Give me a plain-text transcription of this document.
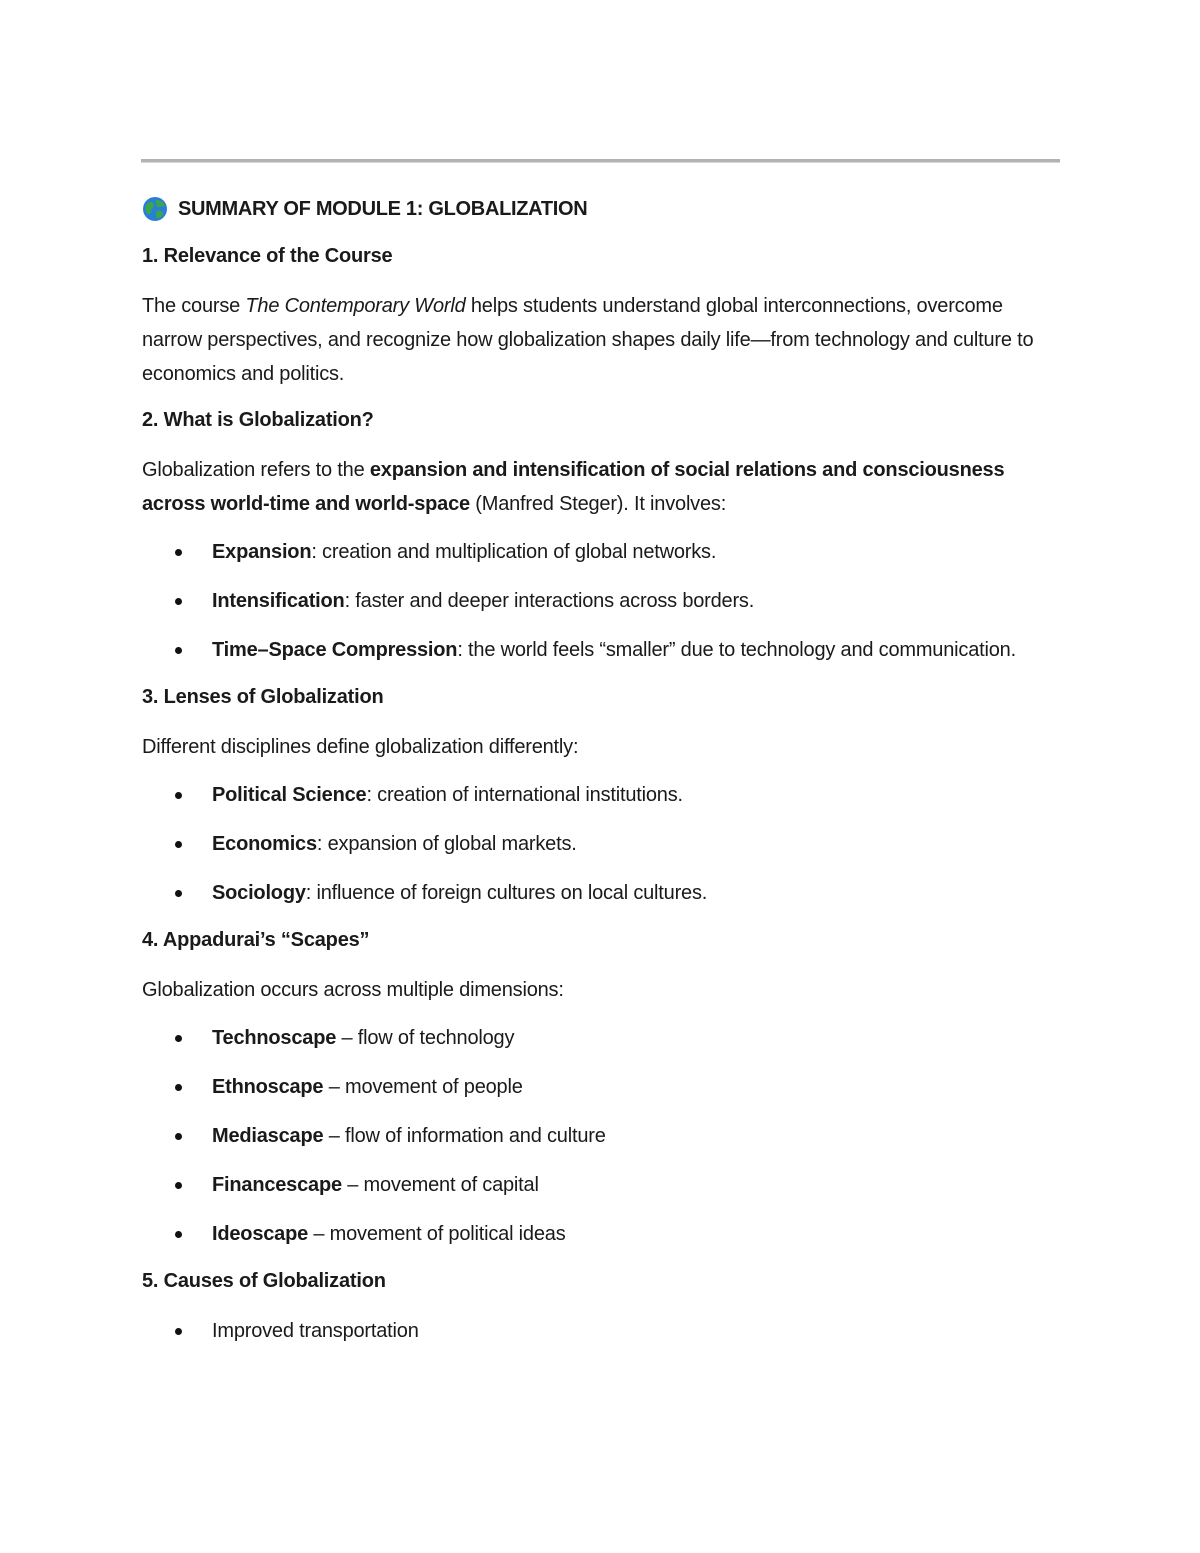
SUMMARY OF MODULE 1: GLOBALIZATION
1. Relevance of the Course

The course The Contemporary World helps students understand global interconnections, overcome narrow perspectives, and recognize how globalization shapes daily life—from technology and culture to economics and politics.

2. What is Globalization?

Globalization refers to the expansion and intensification of social relations and consciousness across world-time and world-space (Manfred Steger). It involves:

Expansion: creation and multiplication of global networks.
Intensification: faster and deeper interactions across borders.
Time–Space Compression: the world feels “smaller” due to technology and communication.
3. Lenses of Globalization

Different disciplines define globalization differently:

Political Science: creation of international institutions.
Economics: expansion of global markets.
Sociology: influence of foreign cultures on local cultures.
4. Appadurai’s “Scapes”

Globalization occurs across multiple dimensions:

Technoscape – flow of technology
Ethnoscape – movement of people
Mediascape – flow of information and culture
Financescape – movement of capital
Ideoscape – movement of political ideas
5. Causes of Globalization
Improved transportation
